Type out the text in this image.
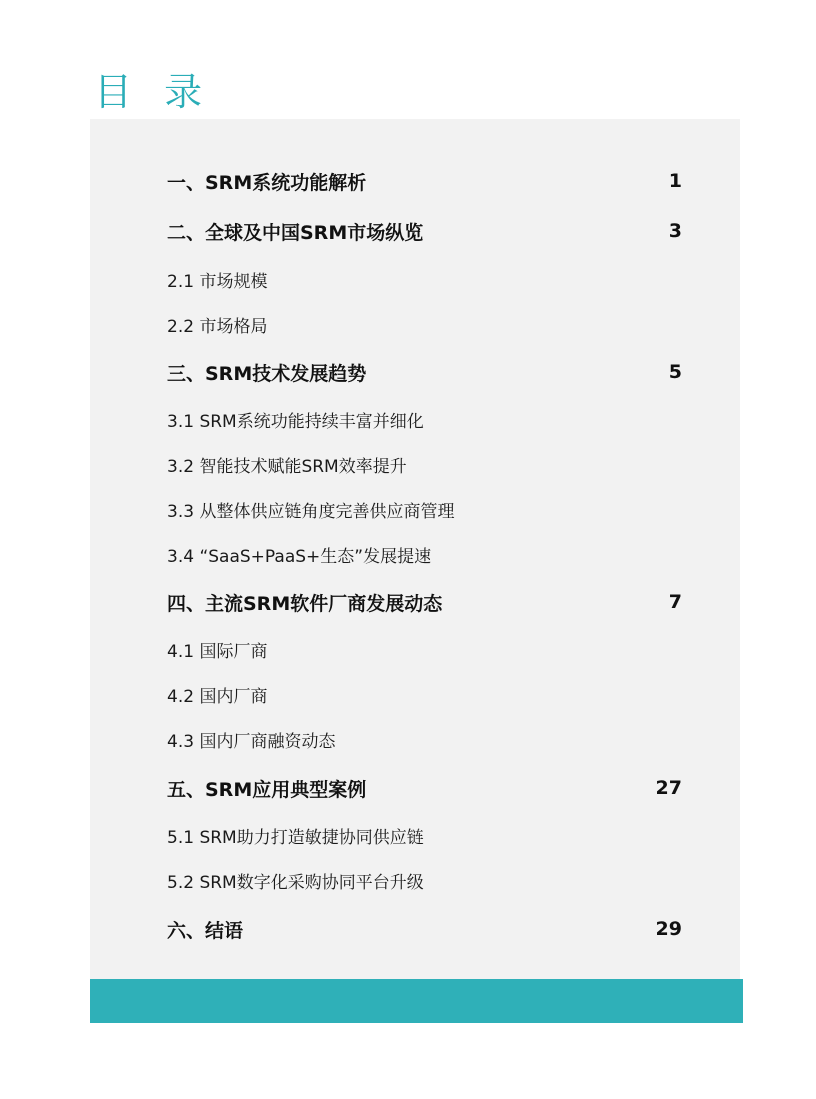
目 录
一、SRM系统功能解析	1
二、全球及中国SRM市场纵览	3
2.1 市场规模
2.2 市场格局
三、SRM技术发展趋势	5
3.1 SRM系统功能持续丰富并细化
3.2 智能技术赋能SRM效率提升
3.3 从整体供应链角度完善供应商管理
3.4 “SaaS+PaaS+生态”发展提速
四、主流SRM软件厂商发展动态	7
4.1 国际厂商
4.2 国内厂商
4.3 国内厂商融资动态
五、SRM应用典型案例	27
5.1 SRM助力打造敏捷协同供应链
5.2 SRM数字化采购协同平台升级
六、结语	29
